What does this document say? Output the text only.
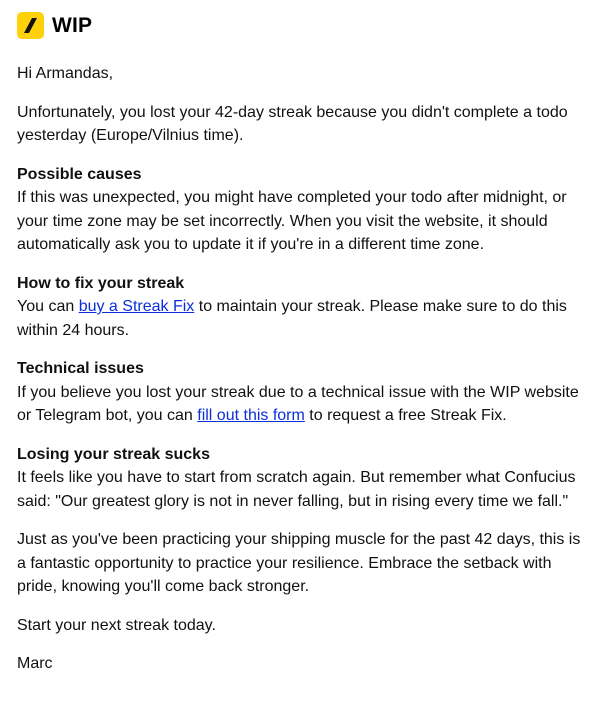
WIP

Hi Armandas,

Unfortunately, you lost your 42-day streak because you didn't complete a todo yesterday (Europe/Vilnius time).

Possible causes

If this was unexpected, you might have completed your todo after midnight, or your time zone may be set incorrectly. When you visit the website, it should automatically ask you to update it if you're in a different time zone.

How to fix your streak

You can buy a Streak Fix to maintain your streak. Please make sure to do this within 24 hours.

Technical issues

If you believe you lost your streak due to a technical issue with the WIP website or Telegram bot, you can fill out this form to request a free Streak Fix.

Losing your streak sucks

It feels like you have to start from scratch again. But remember what Confucius said: "Our greatest glory is not in never falling, but in rising every time we fall."

Just as you've been practicing your shipping muscle for the past 42 days, this is a fantastic opportunity to practice your resilience. Embrace the setback with pride, knowing you'll come back stronger.

Start your next streak today.

Marc
